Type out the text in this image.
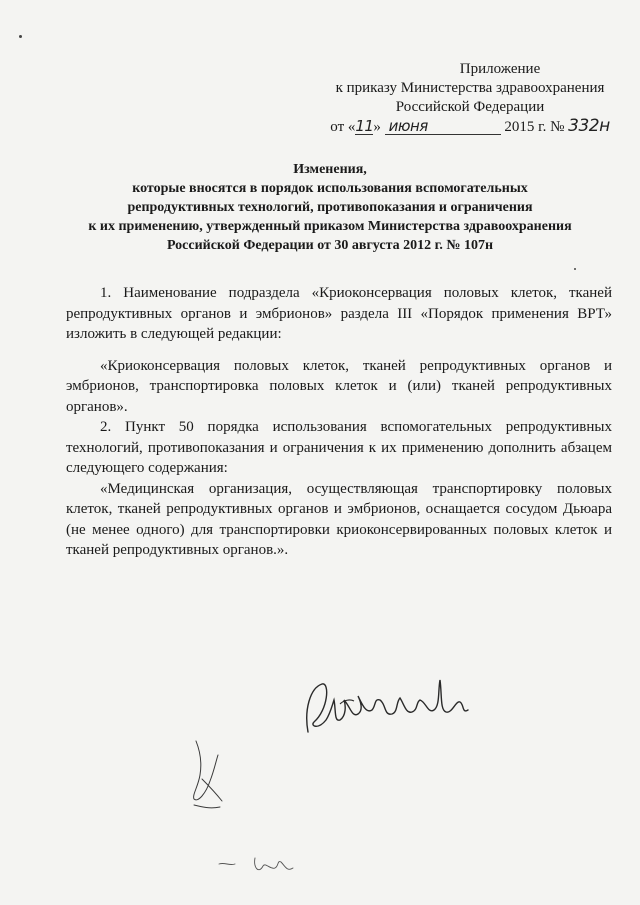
Приложение
к приказу Министерства здравоохранения
Российской Федерации
от «11» июня	2015 г. № 332н
Изменения,
которые вносятся в порядок использования вспомогательных
репродуктивных технологий, противопоказания и ограничения
к их применению, утвержденный приказом Министерства здравоохранения
Российской Федерации от 30 августа 2012 г. № 107н

1. Наименование подраздела «Криоконсервация половых клеток, тканей репродуктивных органов и эмбрионов» раздела III «Порядок применения ВРТ» изложить в следующей редакции:

«Криоконсервация половых клеток, тканей репродуктивных органов и эмбрионов, транспортировка половых клеток и (или) тканей репродуктивных органов».

2. Пункт 50 порядка использования вспомогательных репродуктивных технологий, противопоказания и ограничения к их применению дополнить абзацем следующего содержания:

«Медицинская организация, осуществляющая транспортировку половых клеток, тканей репродуктивных органов и эмбрионов, оснащается сосудом Дьюара (не менее одного) для транспортировки криоконсервированных половых клеток и тканей репродуктивных органов.».
